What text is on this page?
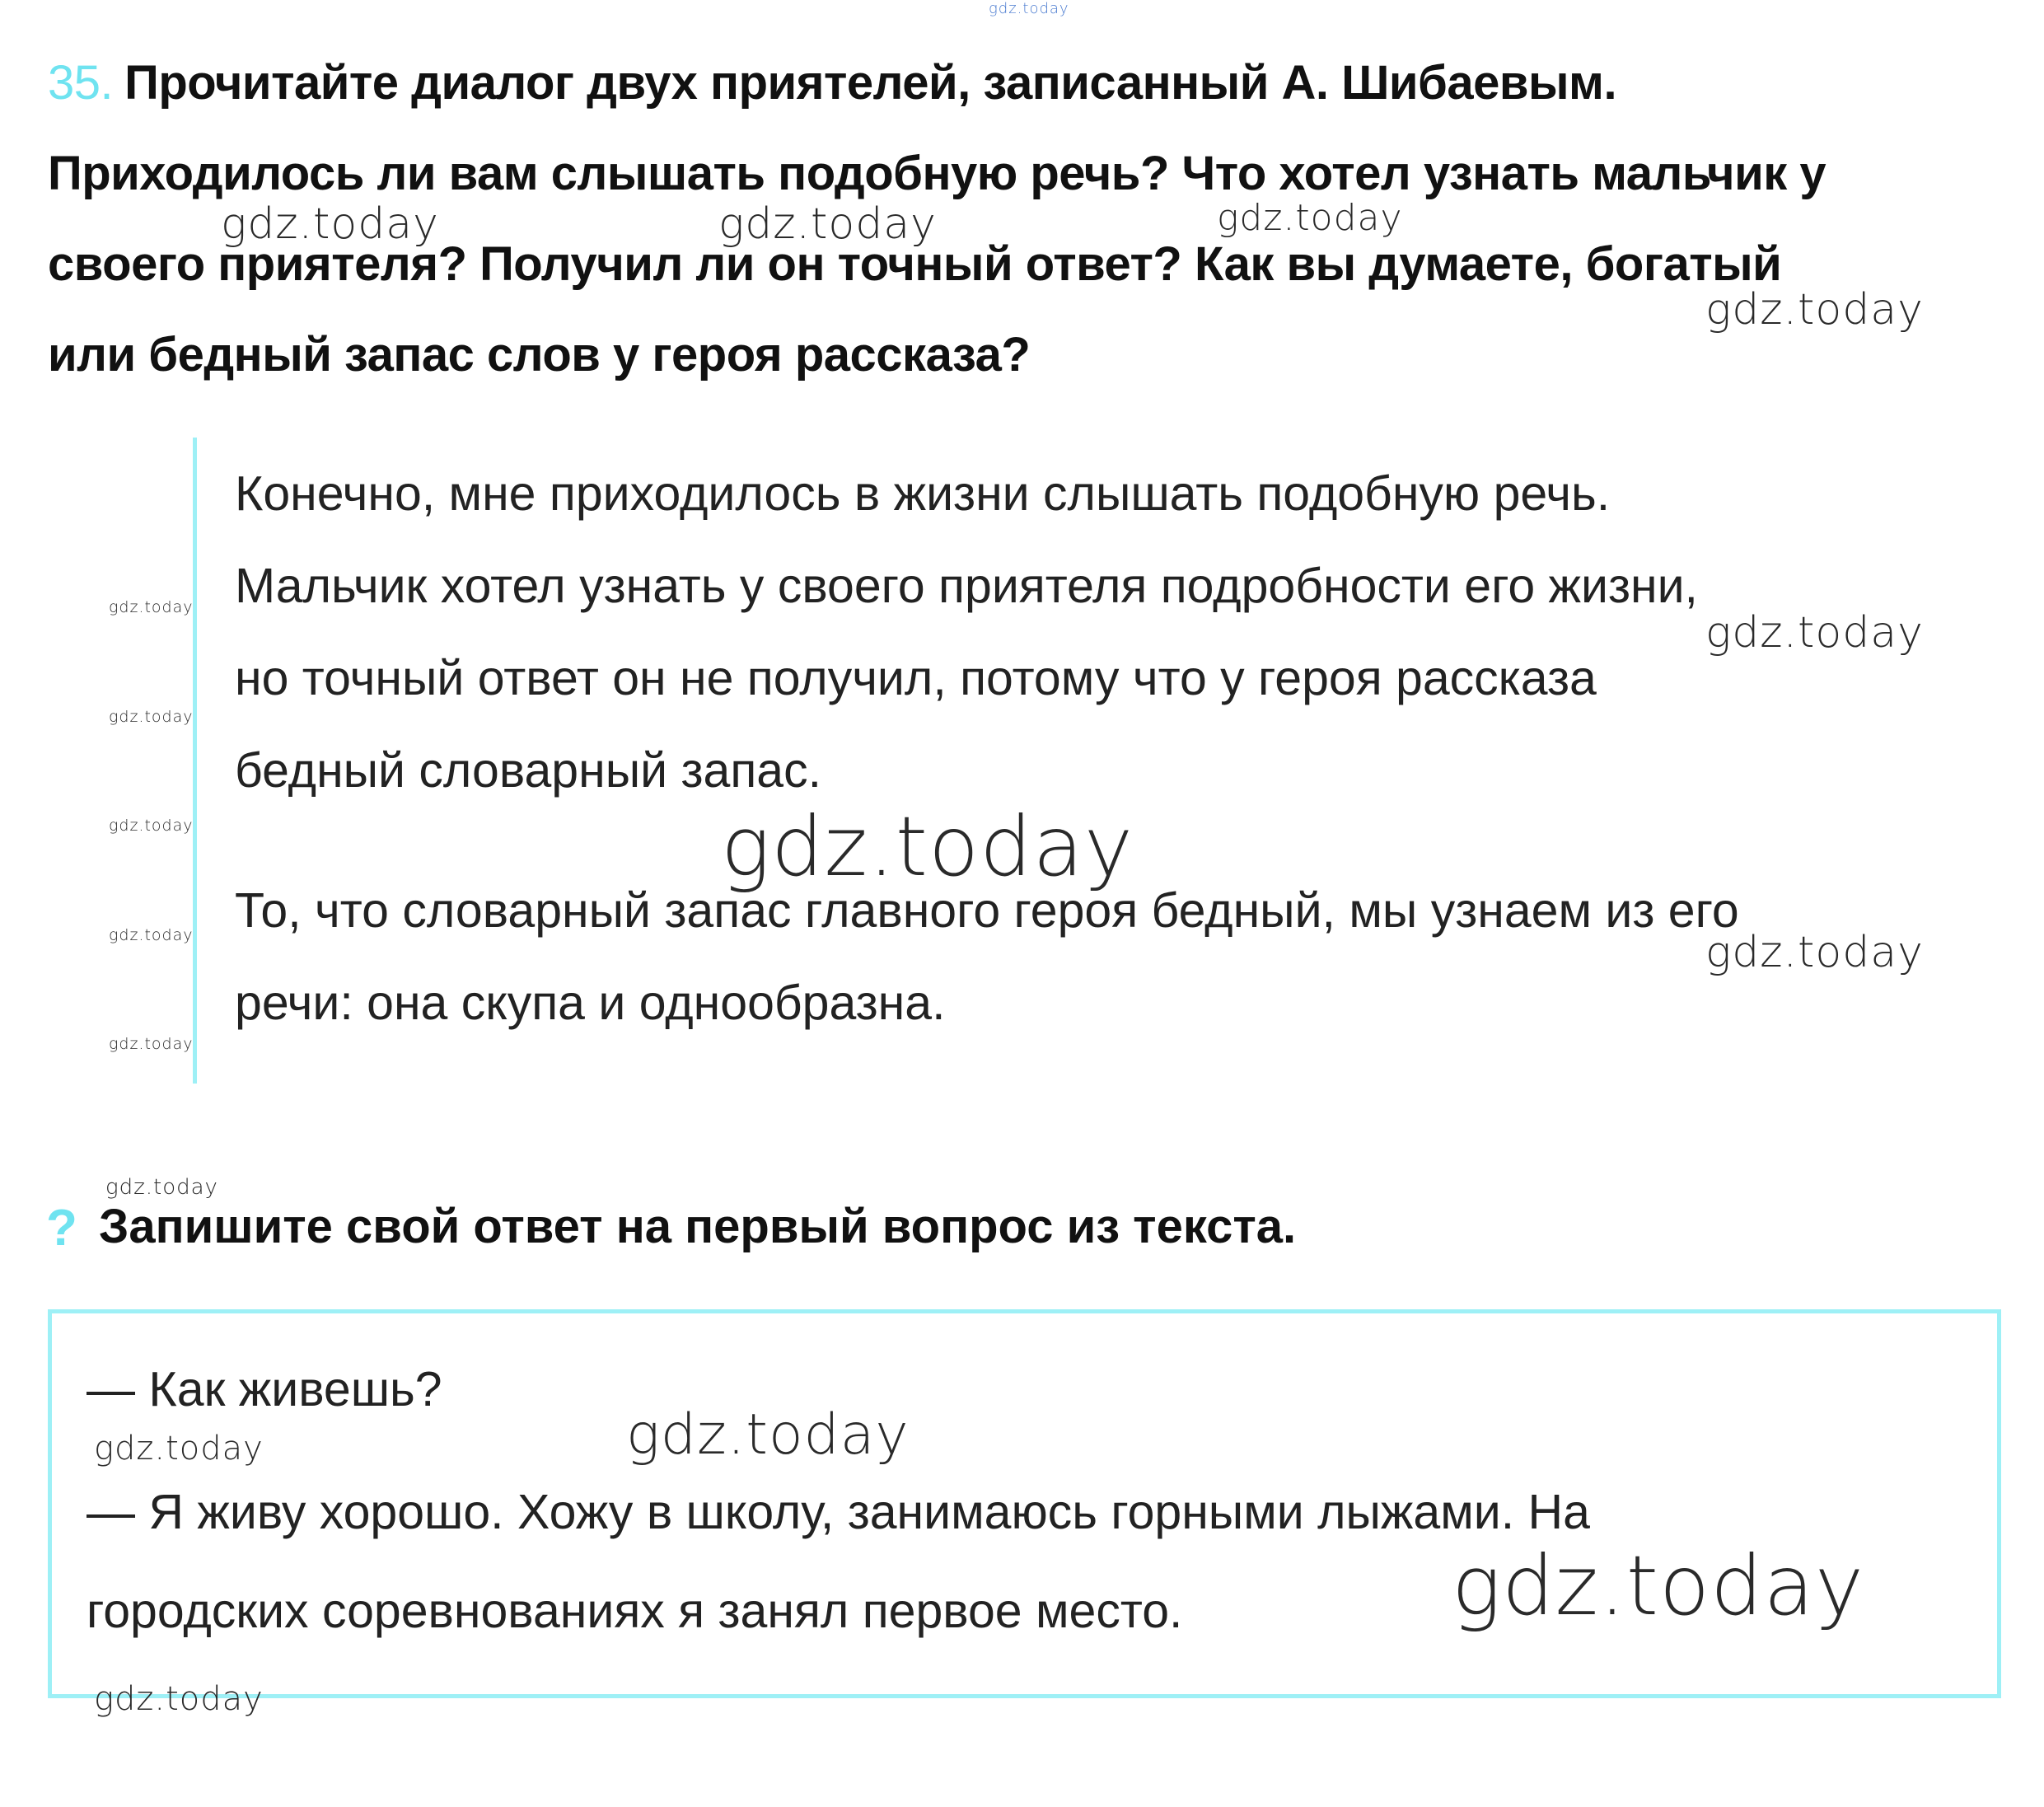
35. Прочитайте диалог двух приятелей, записанный А. Шибаевым.

Приходилось ли вам слышать подобную речь? Что хотел узнать мальчик у

своего приятеля? Получил ли он точный ответ? Как вы думаете, богатый

или бедный запас слов у героя рассказа?

Конечно, мне приходилось в жизни слышать подобную речь.

Мальчик хотел узнать у своего приятеля подробности его жизни,

но точный ответ он не получил, потому что у героя рассказа

бедный словарный запас.

То, что словарный запас главного героя бедный, мы узнаем из его

речи: она скупа и однообразна.

? Запишите свой ответ на первый вопрос из текста.

— Как живешь?

— Я живу хорошо. Хожу в школу, занимаюсь горными лыжами. На

городских соревнованиях я занял первое место.

gdz.today
gdz.today	gdz.today	gdz.today
gdz.today
gdz.today
gdz.today
gdz.today
gdz.today
gdz.today
gdz.today
gdz.today
gdz.today
gdz.today
gdz.today
gdz.today
gdz.today
gdz.today
